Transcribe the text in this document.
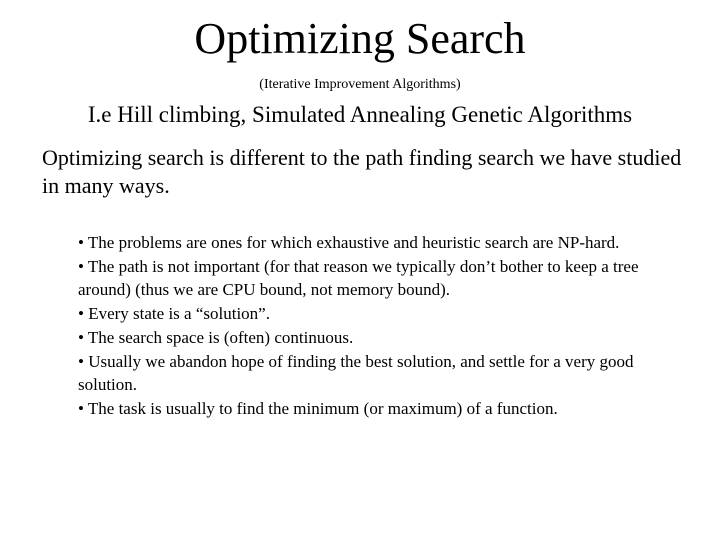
Optimizing Search
(Iterative Improvement Algorithms)
I.e Hill climbing, Simulated Annealing Genetic Algorithms
Optimizing search is different to the path finding search we have studied in many ways.
• The problems are ones for which exhaustive and heuristic search are NP-hard.
• The path is not important (for that reason we typically don’t bother to keep a tree around) (thus we are CPU bound, not memory bound).
• Every state is a “solution”.
• The search space is (often) continuous.
• Usually we abandon hope of finding the best solution, and settle for a very good solution.
• The task is usually to find the minimum (or maximum) of a function.
